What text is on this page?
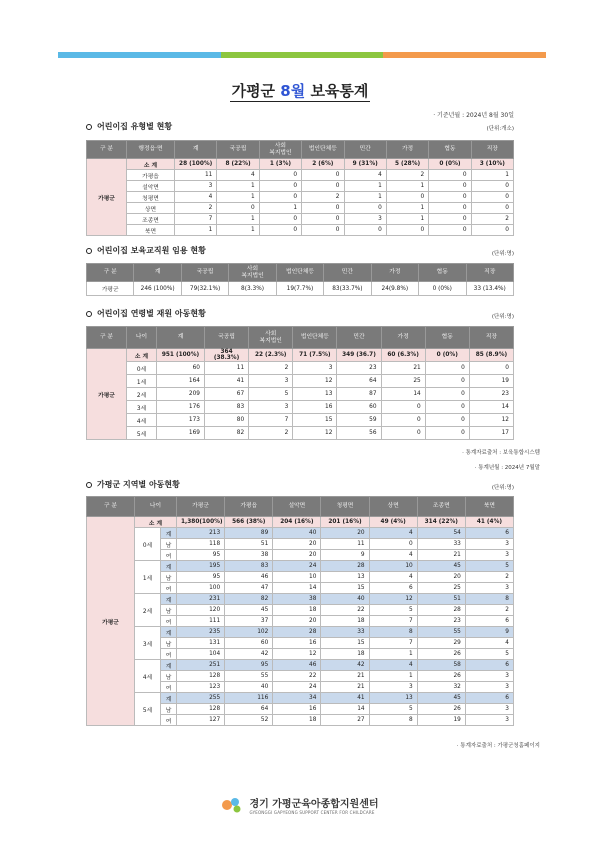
가평군 8월 보육통계
· 기준년월 : 2024년 8월 30일
어린이집 유형별 현황	(단위:개소)
구 분	행정읍·면	계	국공립	사회
복지법인	법인단체등	민간	가정	협동	직장
가평군	소 계	28 (100%)	8 (22%)	1 (3%)	2 (6%)	9 (31%)	5 (28%)	0 (0%)	3 (10%)
	가평읍	11	4	0	0	4	2	0	1
	설악면	3	1	0	0	1	1	0	0
	청평면	4	1	0	2	1	0	0	0
	상면	2	0	1	0	0	1	0	0
	조종면	7	1	0	0	3	1	0	2
	북면	1	1	0	0	0	0	0	0
어린이집 보육교직원 임용 현황	(단위:명)
구 분	계	국공립	사회
복지법인	법인단체등	민간	가정	협동	직장
가평군	246 (100%)	79(32.1%)	8(3.3%)	19(7.7%)	83(33.7%)	24(9.8%)	0 (0%)	33 (13.4%)
어린이집 연령별 재원 아동현황	(단위:명)
구 분	나이	계	국공립	사회
복지법인	법인단체등	민간	가정	협동	직장
가평군	소 계	951 (100%)	364 (38.3%)	22 (2.3%)	71 (7.5%)	349 (36.7)	60 (6.3%)	0 (0%)	85 (8.9%)
	0세	60	11	2	3	23	21	0	0
	1세	164	41	3	12	64	25	0	19
	2세	209	67	5	13	87	14	0	23
	3세	176	83	3	16	60	0	0	14
	4세	173	80	7	15	59	0	0	12
	5세	169	82	2	12	56	0	0	17
· 통계자료출처 : 보육통합시스템
· 통계년월 : 2024년 7월말
가평군 지역별 아동현황	(단위:명)
구 분	나이		가평군	가평읍	설악면	청평면	상면	조종면	북면
가평군	소 계		1,380(100%)	566 (38%)	204 (16%)	201 (16%)	49 (4%)	314 (22%)	41 (4%)
	0세	계	213	89	40	20	4	54	6
		남	118	51	20	11	0	33	3
		여	95	38	20	9	4	21	3
	1세	계	195	83	24	28	10	45	5
		남	95	46	10	13	4	20	2
		여	100	47	14	15	6	25	3
	2세	계	231	82	38	40	12	51	8
		남	120	45	18	22	5	28	2
		여	111	37	20	18	7	23	6
	3세	계	235	102	28	33	8	55	9
		남	131	60	16	15	7	29	4
		여	104	42	12	18	1	26	5
	4세	계	251	95	46	42	4	58	6
		남	128	55	22	21	1	26	3
		여	123	40	24	21	3	32	3
	5세	계	255	116	34	41	13	45	6
		남	128	64	16	14	5	26	3
		여	127	52	18	27	8	19	3
· 통계자료출처 : 가평군청홈페이지
경기 가평군육아종합지원센터
GYEONGGI GAPYEONG SUPPORT CENTER FOR CHILDCARE
